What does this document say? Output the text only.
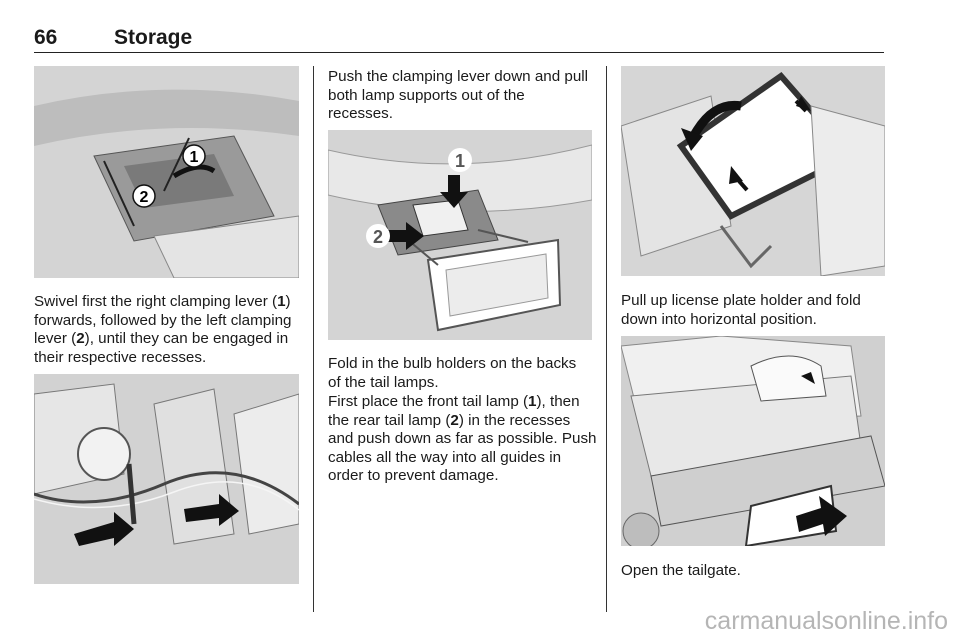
66	Storage
1
2

Swivel first the right clamping lever (1) forwards, followed by the left clamping lever (2), until they can be engaged in their respective recesses.

Push the clamping lever down and pull both lamp supports out of the recesses.

1
2

Fold in the bulb holders on the backs of the tail lamps.

First place the front tail lamp (1), then the rear tail lamp (2) in the recesses and push down as far as possible. Push cables all the way into all guides in order to prevent damage.

Pull up license plate holder and fold down into horizontal position.

Open the tailgate.

carmanualsonline.info
